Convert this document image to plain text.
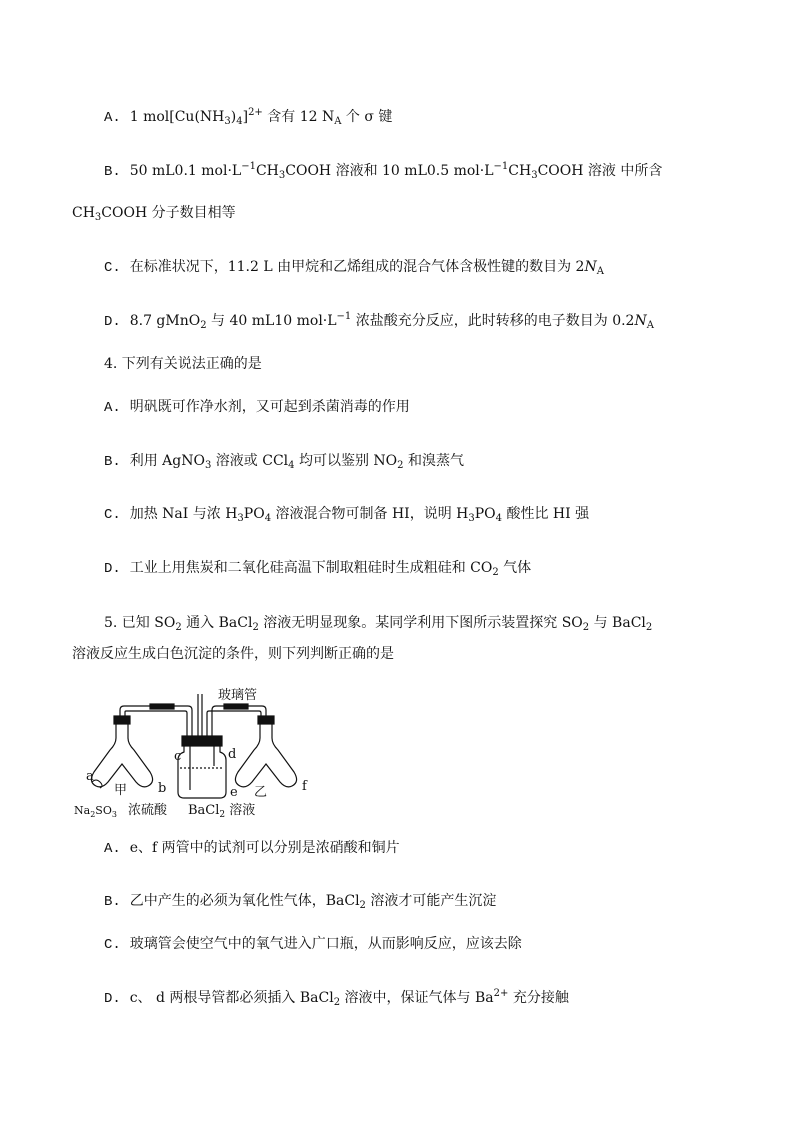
A. 1 $mol[Cu(NH_3)_4]^{2+}$ 含有 12 $N_A$ 个 σ 键
B. 50 mL0.1 $mol\cdot L^{-1}CH_3COOH$ 溶液和 10 mL0.5 $mol\cdot L^{-1}CH_3COOH$ 溶液 中所含
$CH_3COOH$ 分子数目相等
C. 在标准状况下，11.2 L 由甲烷和乙烯组成的混合气体含极性键的数目为 $2N_A$
D. 8.7 gMnO$_2$ 与 40 mL10 $mol\cdot L^{-1}$ 浓盐酸充分反应，此时转移的电子数目为 $0.2N_A$
4. 下列有关说法正确的是
A. 明矾既可作净水剂，又可起到杀菌消毒的作用
B. 利用 AgNO$_3$ 溶液或 CCl$_4$ 均可以鉴别 $NO_2$ 和溴蒸气
C. 加热 NaI 与浓 $H_3PO_4$ 溶液混合物可制备 HI，说明 $H_3PO_4$ 酸性比 HI 强
D. 工业上用焦炭和二氧化硅高温下制取粗硅时生成粗硅和 $CO_2$ 气体
5. 已知 $SO_2$ 通入 BaCl$_2$ 溶液无明显现象。某同学利用下图所示装置探究 $SO_2$ 与 BaCl$_2$
溶液反应生成白色沉淀的条件，则下列判断正确的是
玻璃管
c	d
a
b
甲	乙
e	f
$Na_2SO_3$ 浓硫酸 BaCl$_2$ 溶液
A. e、f 两管中的试剂可以分别是浓硝酸和铜片
B. 乙中产生的必须为氧化性气体，BaCl$_2$ 溶液才可能产生沉淀
C. 玻璃管会使空气中的氧气进入广口瓶，从而影响反应，应该去除
D. c、 d 两根导管都必须插入 BaCl$_2$ 溶液中，保证气体与 $Ba^{2+}$ 充分接触
